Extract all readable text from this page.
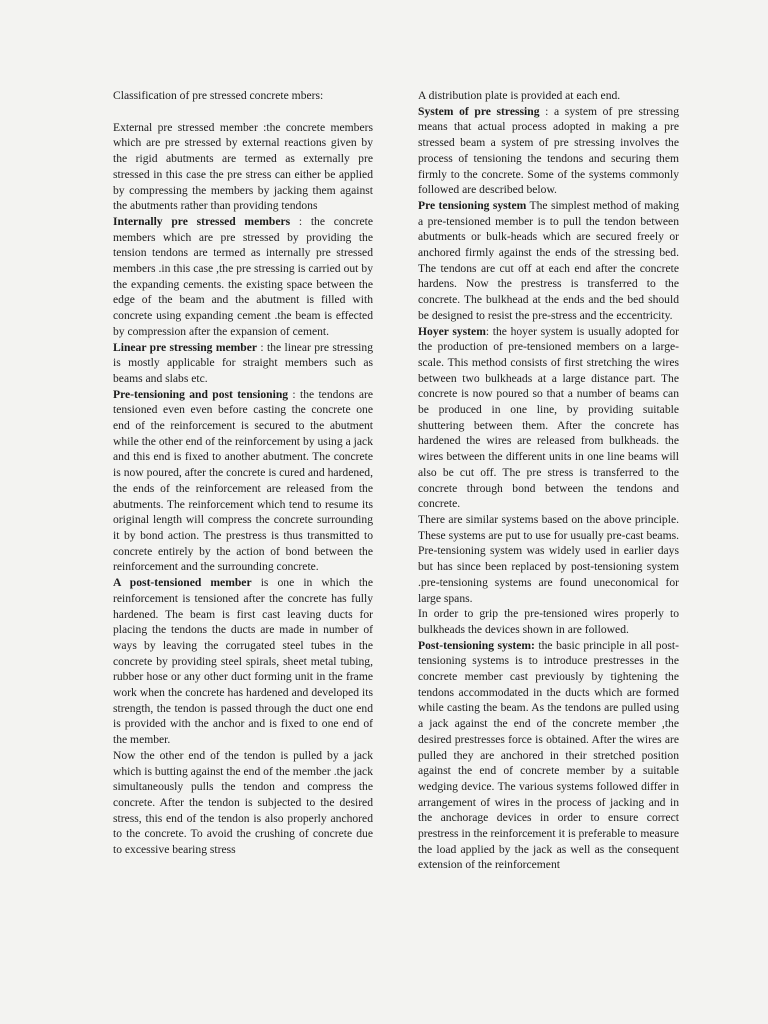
Classification of pre stressed concrete mbers:

External pre stressed member :the concrete members which are pre stressed by external reactions given by the rigid abutments are termed as externally pre stressed in this case the pre stress can either be applied by compressing the members by jacking them against the abutments rather than providing tendons

Internally pre stressed members : the concrete members which are pre stressed by providing the tension tendons are termed as internally pre stressed members .in this case ,the pre stressing is carried out by the expanding cements. the existing space between the edge of the beam and the abutment is filled with concrete using expanding cement .the beam is effected by compression after the expansion of cement.

Linear pre stressing member : the linear pre stressing is mostly applicable for straight members such as beams and slabs etc.

Pre-tensioning and post tensioning : the tendons are tensioned even even before casting the concrete one end of the reinforcement is secured to the abutment while the other end of the reinforcement by using a jack and this end is fixed to another abutment. The concrete is now poured, after the concrete is cured and hardened, the ends of the reinforcement are released from the abutments. The reinforcement which tend to resume its original length will compress the concrete surrounding it by bond action. The prestress is thus transmitted to concrete entirely by the action of bond between the reinforcement and the surrounding concrete.

A post-tensioned member is one in which the reinforcement is tensioned after the concrete has fully hardened. The beam is first cast leaving ducts for placing the tendons the ducts are made in number of ways by leaving the corrugated steel tubes in the concrete by providing steel spirals, sheet metal tubing, rubber hose or any other duct forming unit in the frame work when the concrete has hardened and developed its strength, the tendon is passed through the duct one end is provided with the anchor and is fixed to one end of the member.

Now the other end of the tendon is pulled by a jack which is butting against the end of the member .the jack simultaneously pulls the tendon and compress the concrete. After the tendon is subjected to the desired stress, this end of the tendon is also properly anchored to the concrete. To avoid the crushing of concrete due to excessive bearing stress

A distribution plate is provided at each end.

System of pre stressing : a system of pre stressing means that actual process adopted in making a pre stressed beam a system of pre stressing involves the process of tensioning the tendons and securing them firmly to the concrete. Some of the systems commonly followed are described below.

Pre tensioning system The simplest method of making a pre-tensioned member is to pull the tendon between abutments or bulk-heads which are secured freely or anchored firmly against the ends of the stressing bed. The tendons are cut off at each end after the concrete hardens. Now the prestress is transferred to the concrete. The bulkhead at the ends and the bed should be designed to resist the pre-stress and the eccentricity.

Hoyer system: the hoyer system is usually adopted for the production of pre-tensioned members on a large-scale. This method consists of first stretching the wires between two bulkheads at a large distance part. The concrete is now poured so that a number of beams can be produced in one line, by providing suitable shuttering between them. After the concrete has hardened the wires are released from bulkheads. the wires between the different units in one line beams will also be cut off. The pre stress is transferred to the concrete through bond between the tendons and concrete.

There are similar systems based on the above principle. These systems are put to use for usually pre-cast beams. Pre-tensioning system was widely used in earlier days but has since been replaced by post-tensioning system .pre-tensioning systems are found uneconomical for large spans.

In order to grip the pre-tensioned wires properly to bulkheads the devices shown in are followed.

Post-tensioning system: the basic principle in all post-tensioning systems is to introduce prestresses in the concrete member cast previously by tightening the tendons accommodated in the ducts which are formed while casting the beam. As the tendons are pulled using a jack against the end of the concrete member ,the desired prestresses force is obtained. After the wires are pulled they are anchored in their stretched position against the end of concrete member by a suitable wedging device. The various systems followed differ in arrangement of wires in the process of jacking and in the anchorage devices in order to ensure correct prestress in the reinforcement it is preferable to measure the load applied by the jack as well as the consequent extension of the reinforcement
